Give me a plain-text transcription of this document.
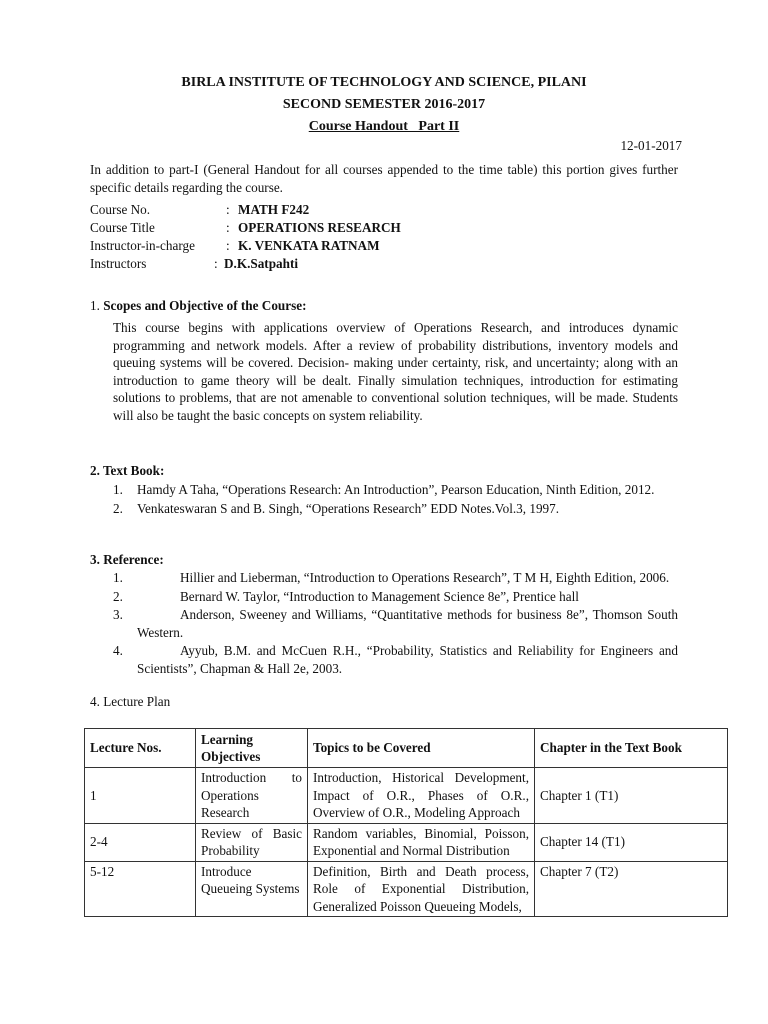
BIRLA INSTITUTE OF TECHNOLOGY AND SCIENCE, PILANI
SECOND SEMESTER 2016-2017
Course Handout   Part II
12-01-2017
In addition to part-I (General Handout for all courses appended to the time table) this portion gives further specific details regarding the course.
Course No.	: MATH F242
Course Title	: OPERATIONS RESEARCH
Instructor-in-charge : K. VENKATA RATNAM
Instructors	: D.K.Satpahti
1. Scopes and Objective of the Course:
This course begins with applications overview of Operations Research, and introduces dynamic programming and network models. After a review of probability distributions, inventory models and queuing systems will be covered. Decision- making under certainty, risk, and uncertainty; along with an introduction to game theory will be dealt. Finally simulation techniques, introduction for estimating solutions to problems, that are not amenable to conventional solution techniques, will be made. Students will also be taught the basic concepts on system reliability.
2. Text Book:
1. Hamdy A Taha, “Operations Research: An Introduction”, Pearson Education, Ninth Edition, 2012.
2. Venkateswaran S and B. Singh, “Operations Research” EDD Notes.Vol.3, 1997.
3. Reference:
1.	Hillier and Lieberman, “Introduction to Operations Research”, T M H, Eighth Edition, 2006.
2.	Bernard W. Taylor, “Introduction to Management Science 8e”, Prentice hall
3.	Anderson, Sweeney and Williams, “Quantitative methods for business 8e”, Thomson South Western.
4.	Ayyub, B.M. and McCuen R.H., “Probability, Statistics and Reliability for Engineers and Scientists”, Chapman & Hall 2e, 2003.
4. Lecture Plan
Lecture Nos.	Learning Objectives	Topics to be Covered	Chapter in the Text Book
1	Introduction to Operations Research	Introduction, Historical Development, Impact of O.R., Phases of O.R., Overview of O.R., Modeling Approach	Chapter 1 (T1)
2-4	Review of Basic Probability	Random variables, Binomial, Poisson, Exponential and Normal Distribution	Chapter 14 (T1)
5-12	Introduce Queueing Systems	Definition, Birth and Death process, Role of Exponential Distribution, Generalized Poisson Queueing Models,	Chapter 7 (T2)
